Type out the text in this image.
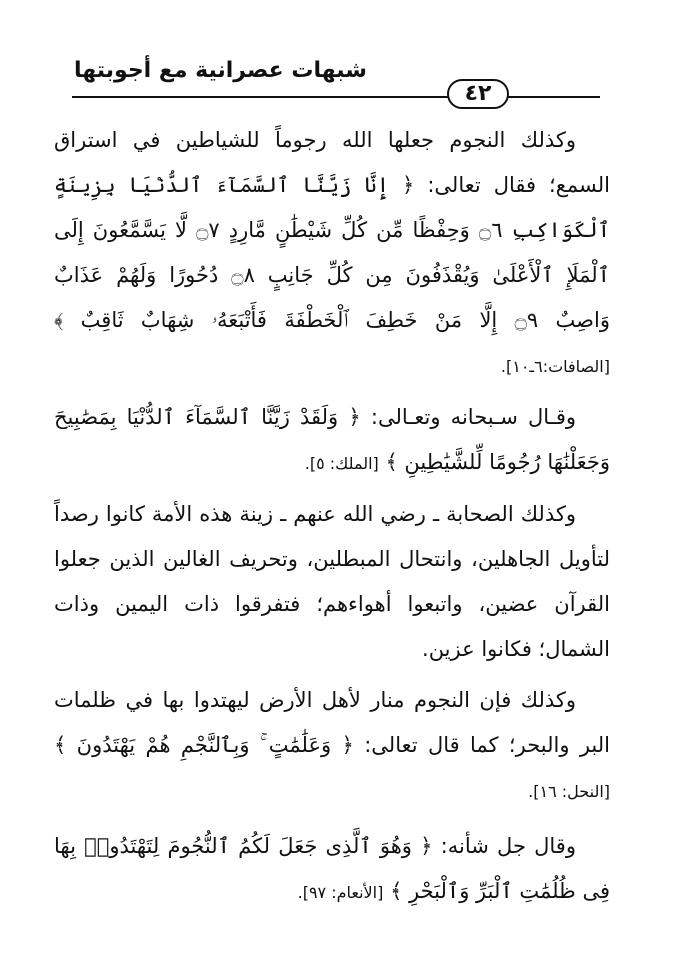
شبهات عصرانية مع أجوبتها
٤٢

وكذلك النجوم جعلها الله رجوماً للشياطين في استراق السمع؛ فقال تعالى: ﴿ إِنَّا زَيَّنَّا ٱلسَّمَآءَ ٱلدُّنْيَا بِزِينَةٍ ٱلْكَوَاكِبِ ۝٦ وَحِفْظًا مِّن كُلِّ شَيْطَٰنٍ مَّارِدٍ ۝٧ لَّا يَسَّمَّعُونَ إِلَى ٱلْمَلَإِ ٱلْأَعْلَىٰ وَيُقْذَفُونَ مِن كُلِّ جَانِبٍ ۝٨ دُحُورًا وَلَهُمْ عَذَابٌ وَاصِبٌ ۝٩ إِلَّا مَنْ خَطِفَ ٱلْخَطْفَةَ فَأَتْبَعَهُۥ شِهَابٌ ثَاقِبٌ ﴾ [الصافات:٦ـ١٠].

وقـال سـبحانه وتعـالى: ﴿ وَلَقَدْ زَيَّنَّا ٱلسَّمَآءَ ٱلدُّنْيَا بِمَصَٰبِيحَ وَجَعَلْنَٰهَا رُجُومًا لِّلشَّيَٰطِينِ ﴾ [الملك: ٥].

وكذلك الصحابة ـ رضي الله عنهم ـ زينة هذه الأمة كانوا رصداً لتأويل الجاهلين، وانتحال المبطلين، وتحريف الغالين الذين جعلوا القرآن عضين، واتبعوا أهواءهم؛ فتفرقوا ذات اليمين وذات الشمال؛ فكانوا عزين.

وكذلك فإن النجوم منار لأهل الأرض ليهتدوا بها في ظلمات البر والبحر؛ كما قال تعالى: ﴿ وَعَلَٰمَٰتٍ ۚ وَبِٱلنَّجْمِ هُمْ يَهْتَدُونَ ﴾ [النحل: ١٦].

وقال جل شأنه: ﴿ وَهُوَ ٱلَّذِى جَعَلَ لَكُمُ ٱلنُّجُومَ لِتَهْتَدُوا۟ بِهَا فِى ظُلُمَٰتِ ٱلْبَرِّ وَٱلْبَحْرِ ﴾ [الأنعام: ٩٧].
